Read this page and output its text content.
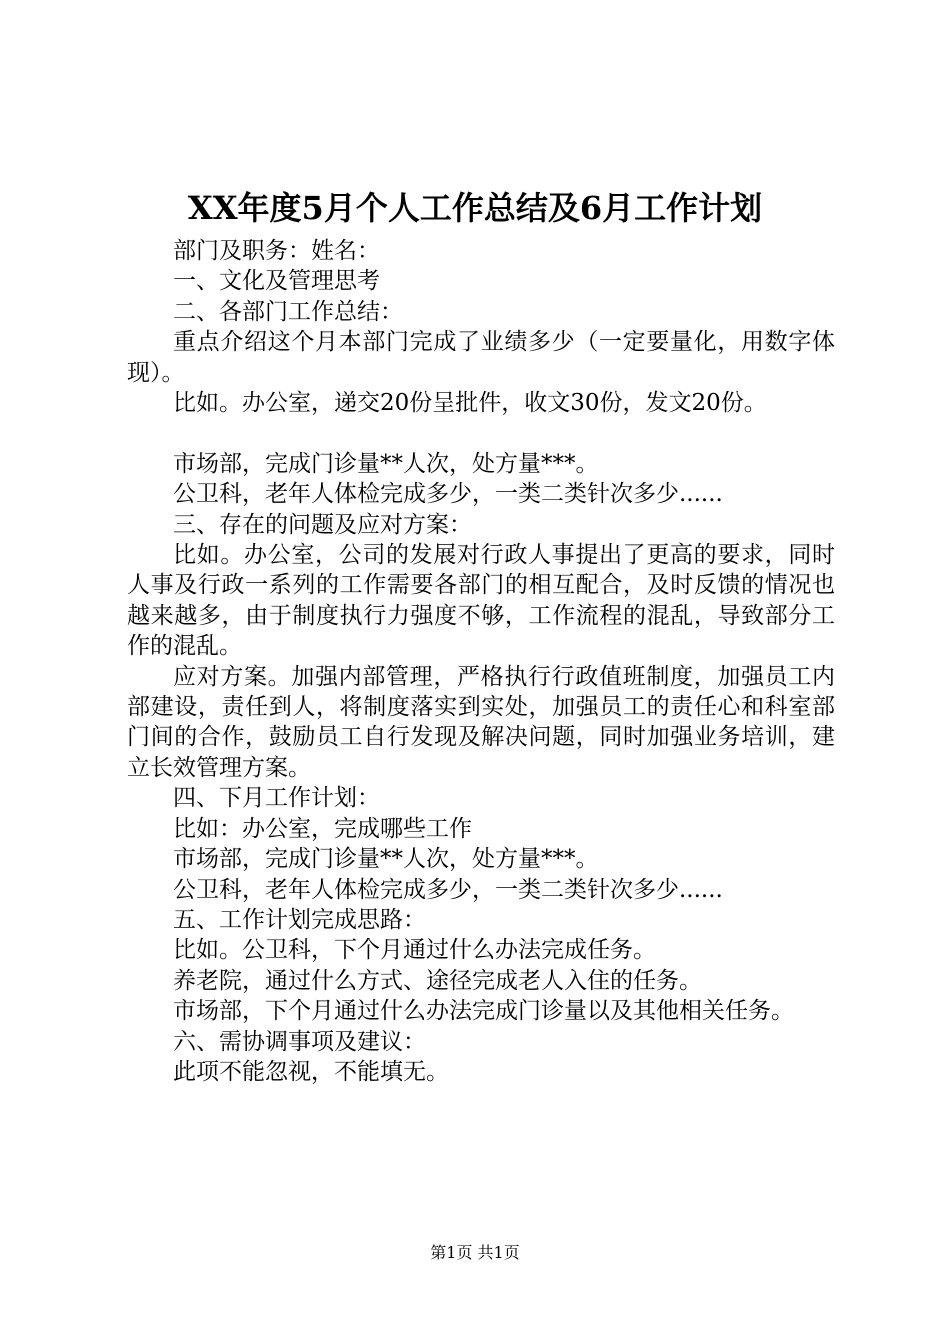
XX年度5月个人工作总结及6月工作计划

部门及职务：姓名：

一、文化及管理思考

二、各部门工作总结：

重点介绍这个月本部门完成了业绩多少（一定要量化，用数字体现）。

比如。办公室，递交20份呈批件，收文30份，发文20份。

市场部，完成门诊量**人次，处方量***。

公卫科，老年人体检完成多少，一类二类针次多少......

三、存在的问题及应对方案：

比如。办公室，公司的发展对行政人事提出了更高的要求，同时人事及行政一系列的工作需要各部门的相互配合，及时反馈的情况也越来越多，由于制度执行力强度不够，工作流程的混乱，导致部分工作的混乱。

应对方案。加强内部管理，严格执行行政值班制度，加强员工内部建设，责任到人，将制度落实到实处，加强员工的责任心和科室部门间的合作，鼓励员工自行发现及解决问题，同时加强业务培训，建立长效管理方案。

四、下月工作计划：

比如：办公室，完成哪些工作

市场部，完成门诊量**人次，处方量***。

公卫科，老年人体检完成多少，一类二类针次多少......

五、工作计划完成思路：

比如。公卫科，下个月通过什么办法完成任务。

养老院，通过什么方式、途径完成老人入住的任务。

市场部，下个月通过什么办法完成门诊量以及其他相关任务。

六、需协调事项及建议：

此项不能忽视，不能填无。

第1页 共1页
